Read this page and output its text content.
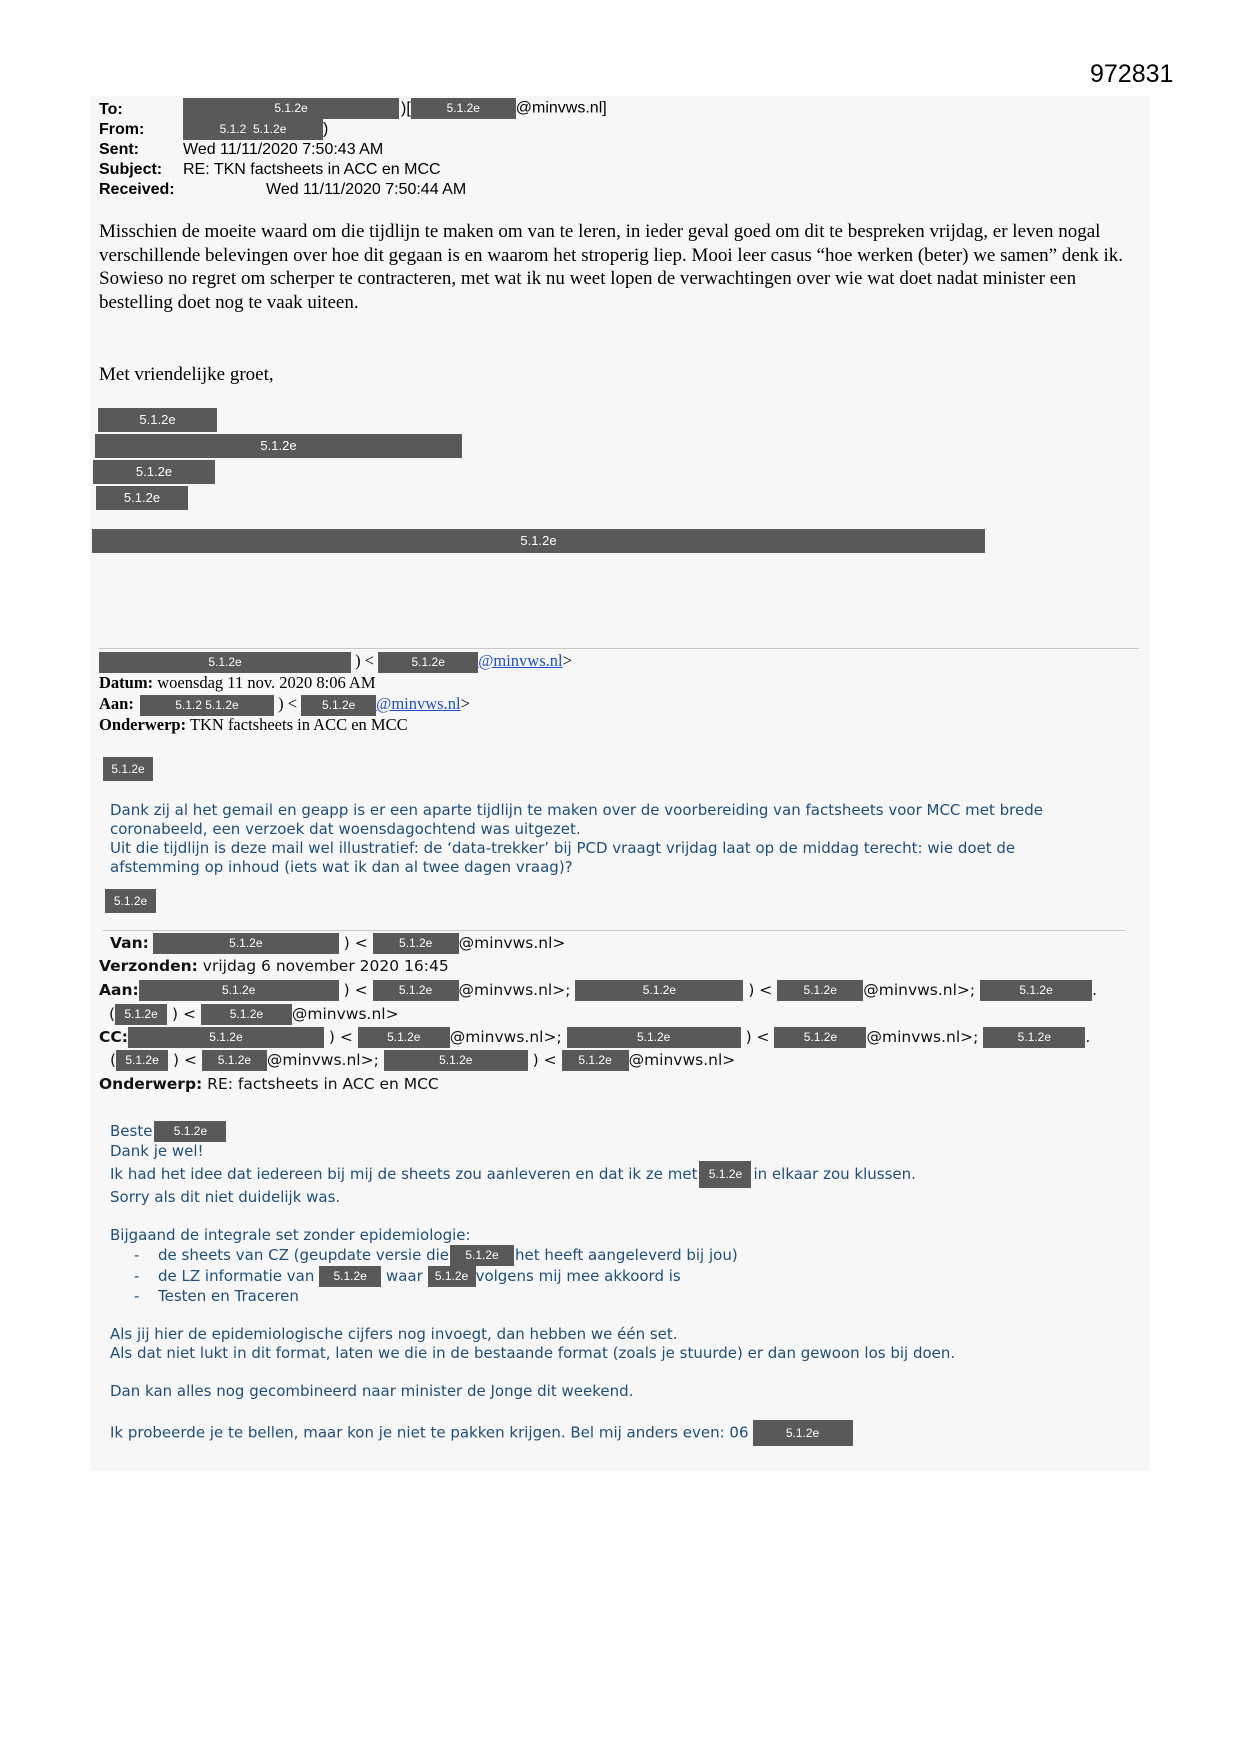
972831
To:	5.1.2e	)[	5.1.2e @minvws.nl]
From:	5.1.2 5.1.2e )
Sent:	Wed 11/11/2020 7:50:43 AM
Subject: RE: TKN factsheets in ACC en MCC
Received:	Wed 11/11/2020 7:50:44 AM
Misschien de moeite waard om die tijdlijn te maken om van te leren, in ieder geval goed om dit te bespreken vrijdag, er leven nogal verschillende belevingen over hoe dit gegaan is en waarom het stroperig liep. Mooi leer casus “hoe werken (beter) we samen” denk ik. Sowieso no regret om scherper te contracteren, met wat ik nu weet lopen de verwachtingen over wie wat doet nadat minister een bestelling doet nog te vaak uiteen.
Met vriendelijke groet,
5.1.2e
5.1.2e
5.1.2e
5.1.2e
5.1.2e
5.1.2e	) <	5.1.2e @minvws.nl>
Datum: woensdag 11 nov. 2020 8:06 AM
Aan:	5.1.2 5.1.2e ) < 5.1.2e @minvws.nl>
Onderwerp: TKN factsheets in ACC en MCC
5.1.2e
Dank zij al het gemail en geapp is er een aparte tijdlijn te maken over de voorbereiding van factsheets voor MCC met brede
coronabeeld, een verzoek dat woensdagochtend was uitgezet.
Uit die tijdlijn is deze mail wel illustratief: de ‘data-trekker’ bij PCD vraagt vrijdag laat op de middag terecht: wie doet de
afstemming op inhoud (iets wat ik dan al twee dagen vraag)?
5.1.2e
Van:	5.1.2e	) < 5.1.2e @minvws.nl>
Verzonden: vrijdag 6 november 2020 16:45
Aan:	5.1.2e	) < 5.1.2e @minvws.nl>;	5.1.2e	) < 5.1.2e @minvws.nl>;	5.1.2e	.
( 5.1.2e ) < 5.1.2e @minvws.nl>
CC:	5.1.2e	) < 5.1.2e @minvws.nl>;	5.1.2e	) < 5.1.2e @minvws.nl>;	5.1.2e .
( 5.1.2e ) < 5.1.2e @minvws.nl>;	5.1.2e	) < 5.1.2e @minvws.nl>
Onderwerp: RE: factsheets in ACC en MCC
Beste 5.1.2e
Dank je wel!
Ik had het idee dat iedereen bij mij de sheets zou aanleveren en dat ik ze met 5.1.2e in elkaar zou klussen.
Sorry als dit niet duidelijk was.
Bijgaand de integrale set zonder epidemiologie:
- de sheets van CZ (geupdate versie die 5.1.2e het heeft aangeleverd bij jou)
- de LZ informatie van 5.1.2e waar 5.1.2e volgens mij mee akkoord is
- Testen en Traceren
Als jij hier de epidemiologische cijfers nog invoegt, dan hebben we één set.
Als dat niet lukt in dit format, laten we die in de bestaande format (zoals je stuurde) er dan gewoon los bij doen.
Dan kan alles nog gecombineerd naar minister de Jonge dit weekend.
Ik probeerde je te bellen, maar kon je niet te pakken krijgen. Bel mij anders even: 06	5.1.2e
